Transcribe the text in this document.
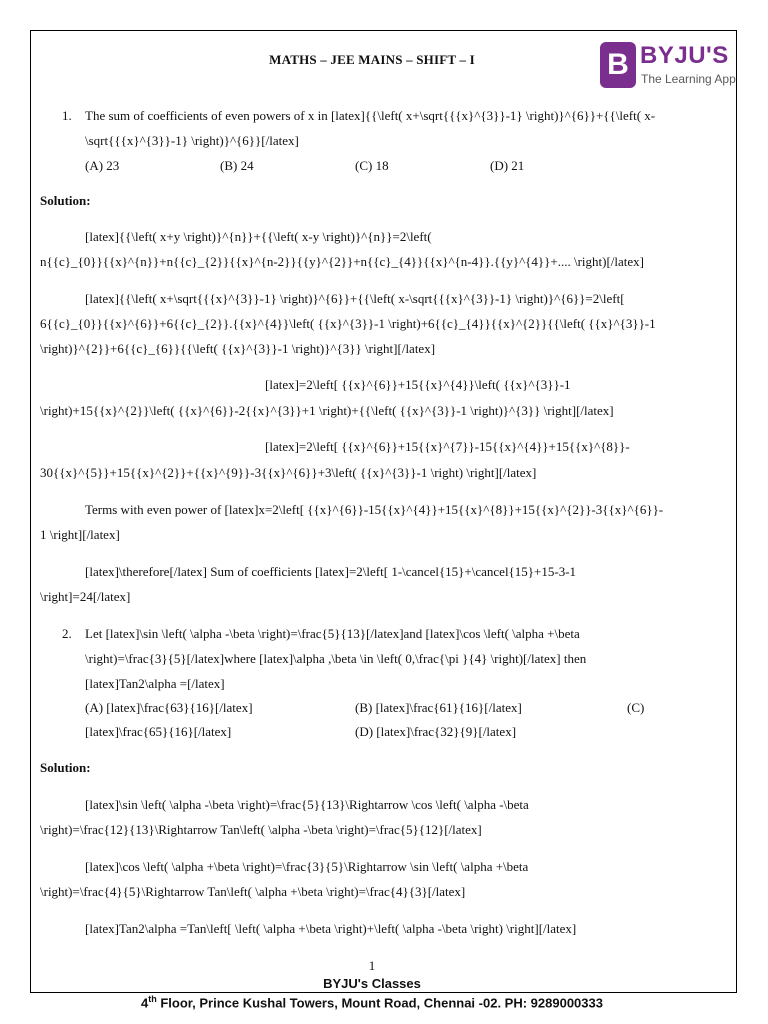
MATHS – JEE MAINS – SHIFT – I	B BYJU'S
The Learning App
1. The sum of coefficients of even powers of x in [latex]{{\left( x+\sqrt{{{x}^{3}}-1} \right)}^{6}}+{{\left( x-
\sqrt{{{x}^{3}}-1} \right)}^{6}}[/latex]
(A) 23	(B) 24	(C) 18	(D) 21
Solution:
[latex]{{\left( x+y \right)}^{n}}+{{\left( x-y \right)}^{n}}=2\left(
n{{c}_{0}}{{x}^{n}}+n{{c}_{2}}{{x}^{n-2}}{{y}^{2}}+n{{c}_{4}}{{x}^{n-4}}.{{y}^{4}}+.... \right)[/latex]
[latex]{{\left( x+\sqrt{{{x}^{3}}-1} \right)}^{6}}+{{\left( x-\sqrt{{{x}^{3}}-1} \right)}^{6}}=2\left[
6{{c}_{0}}{{x}^{6}}+6{{c}_{2}}.{{x}^{4}}\left( {{x}^{3}}-1 \right)+6{{c}_{4}}{{x}^{2}}{{\left( {{x}^{3}}-1
\right)}^{2}}+6{{c}_{6}}{{\left( {{x}^{3}}-1 \right)}^{3}} \right][/latex]
[latex]=2\left[ {{x}^{6}}+15{{x}^{4}}\left( {{x}^{3}}-1
\right)+15{{x}^{2}}\left( {{x}^{6}}-2{{x}^{3}}+1 \right)+{{\left( {{x}^{3}}-1 \right)}^{3}} \right][/latex]
[latex]=2\left[ {{x}^{6}}+15{{x}^{7}}-15{{x}^{4}}+15{{x}^{8}}-
30{{x}^{5}}+15{{x}^{2}}+{{x}^{9}}-3{{x}^{6}}+3\left( {{x}^{3}}-1 \right) \right][/latex]
Terms with even power of [latex]x=2\left[ {{x}^{6}}-15{{x}^{4}}+15{{x}^{8}}+15{{x}^{2}}-3{{x}^{6}}-
1 \right][/latex]
[latex]\therefore[/latex] Sum of coefficients [latex]=2\left[ 1-\cancel{15}+\cancel{15}+15-3-1
\right]=24[/latex]
2. Let [latex]\sin \left( \alpha -\beta \right)=\frac{5}{13}[/latex]and [latex]\cos \left( \alpha +\beta
\right)=\frac{3}{5}[/latex]where [latex]\alpha ,\beta \in \left( 0,\frac{\pi }{4} \right)[/latex] then
[latex]Tan2\alpha =[/latex]
(A) [latex]\frac{63}{16}[/latex]	(B) [latex]\frac{61}{16}[/latex]	(C)
[latex]\frac{65}{16}[/latex]	(D) [latex]\frac{32}{9}[/latex]
Solution:
[latex]\sin \left( \alpha -\beta \right)=\frac{5}{13}\Rightarrow \cos \left( \alpha -\beta
\right)=\frac{12}{13}\Rightarrow Tan\left( \alpha -\beta \right)=\frac{5}{12}[/latex]
[latex]\cos \left( \alpha +\beta \right)=\frac{3}{5}\Rightarrow \sin \left( \alpha +\beta
\right)=\frac{4}{5}\Rightarrow Tan\left( \alpha +\beta \right)=\frac{4}{3}[/latex]
[latex]Tan2\alpha =Tan\left[ \left( \alpha +\beta \right)+\left( \alpha -\beta \right) \right][/latex]
1
BYJU's Classes
4th Floor, Prince Kushal Towers, Mount Road, Chennai -02. PH: 9289000333
